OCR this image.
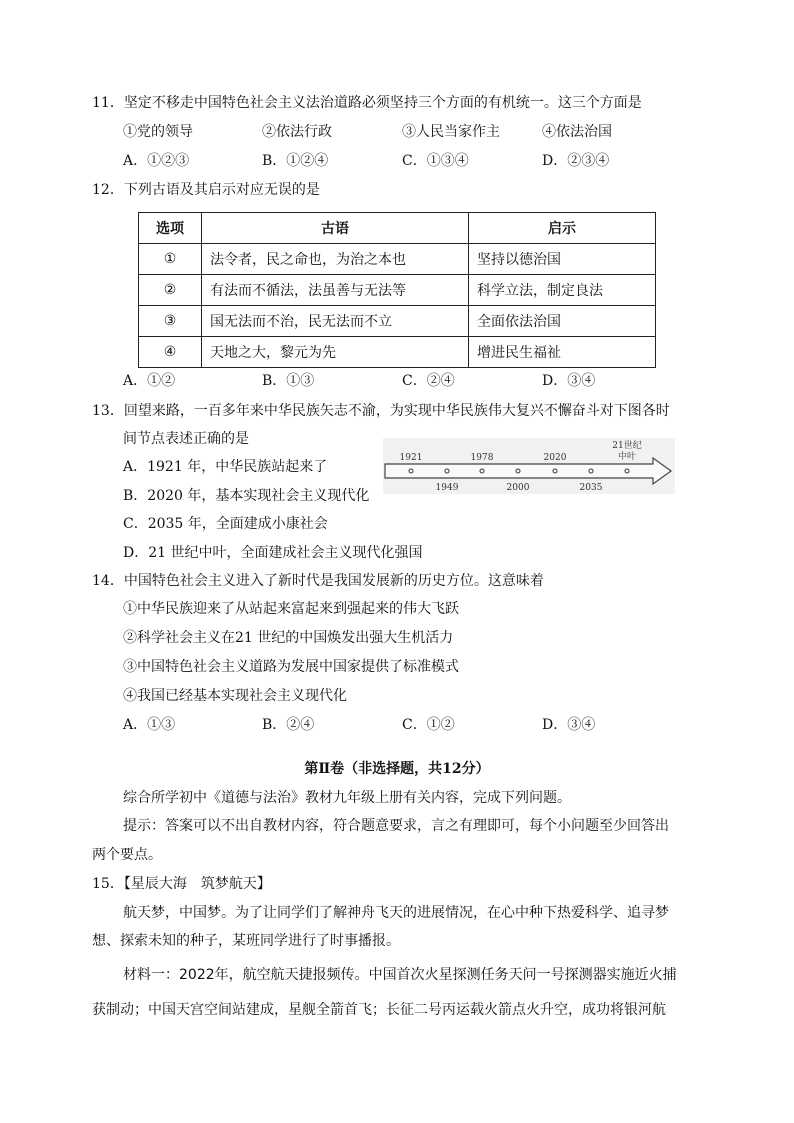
11．坚定不移走中国特色社会主义法治道路必须坚持三个方面的有机统一。这三个方面是
①党的领导	②依法行政	③人民当家作主	④依法治国
A．①②③	B．①②④	C．①③④	D．②③④
12．下列古语及其启示对应无误的是
选项	古语	启示
①	法令者，民之命也，为治之本也	坚持以德治国
②	有法而不循法，法虽善与无法等	科学立法，制定良法
③	国无法而不治，民无法而不立	全面依法治国
④	天地之大，黎元为先	增进民生福祉
A．①②	B．①③	C．②④	D．③④
13．回望来路，一百多年来中华民族矢志不渝，为实现中华民族伟大复兴不懈奋斗对下图各时
间节点表述正确的是
A．1921 年，中华民族站起来了
B．2020 年，基本实现社会主义现代化
C．2035 年，全面建成小康社会
D．21 世纪中叶，全面建成社会主义现代化强国
1921	1978	2020
21世纪
中叶
1949	2000	2035
14．中国特色社会主义进入了新时代是我国发展新的历史方位。这意味着
①中华民族迎来了从站起来富起来到强起来的伟大飞跃
②科学社会主义在21 世纪的中国焕发出强大生机活力
③中国特色社会主义道路为发展中国家提供了标准模式
④我国已经基本实现社会主义现代化
A．①③	B．②④	C．①②	D．③④
第Ⅱ卷（非选择题，共12分）
综合所学初中《道德与法治》教材九年级上册有关内容，完成下列问题。
提示：答案可以不出自教材内容，符合题意要求，言之有理即可，每个小问题至少回答出
两个要点。
15．【星辰大海　筑梦航天】
航天梦，中国梦。为了让同学们了解神舟飞天的进展情况，在心中种下热爱科学、追寻梦
想、探索未知的种子，某班同学进行了时事播报。
材料一：2022年，航空航天捷报频传。中国首次火星探测任务天问一号探测器实施近火捕
获制动；中国天宫空间站建成，星舰全箭首飞；长征二号丙运载火箭点火升空，成功将银河航
